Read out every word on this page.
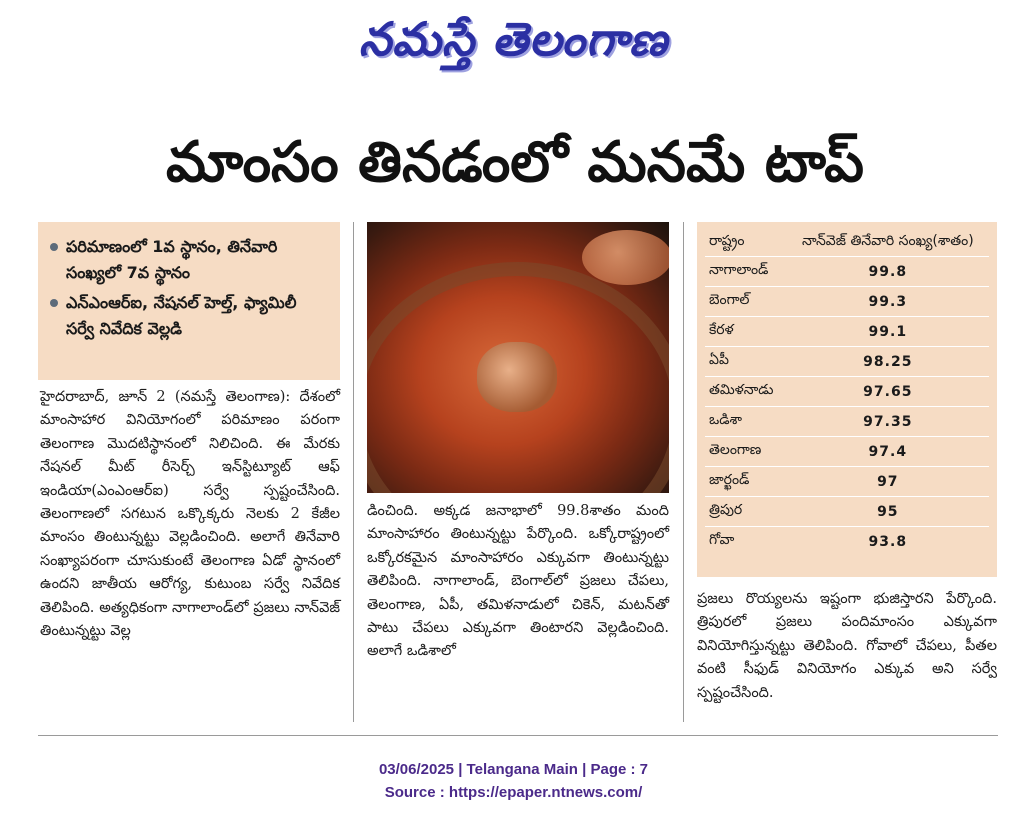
నమస్తే తెలంగాణ
మాంసం తినడంలో మనమే టాప్
పరిమాణంలో 1వ స్థానం, తినేవారి సంఖ్యలో 7వ స్థానం
ఎన్‌ఎంఆర్‌ఐ, నేషనల్ హెల్త్, ఫ్యామిలీ సర్వే నివేదిక వెల్లడి
రాష్ట్రం	నాన్‌వెజ్ తినేవారి సంఖ్య(శాతం)
నాగాలాండ్	99.8
బెంగాల్	99.3
కేరళ	99.1
ఏపీ	98.25
తమిళనాడు	97.65
ఒడిశా	97.35
తెలంగాణ	97.4
జార్ఖండ్	97
త్రిపుర	95
గోవా	93.8
హైదరాబాద్, జూన్ 2 (నమస్తే తెలంగాణ): దేశంలో మాంసాహార వినియోగంలో పరిమాణం పరంగా తెలంగాణ మొదటిస్థానంలో నిలిచింది. ఈ మేరకు నేషనల్ మీట్ రీసెర్చ్ ఇన్‌స్టిట్యూట్ ఆఫ్ ఇండియా(ఎంఎంఆర్‌ఐ) సర్వే స్పష్టంచేసింది. తెలంగాణలో సగటున ఒక్కొక్కరు నెలకు 2 కేజీల మాంసం తింటున్నట్టు వెల్లడించింది. అలాగే తినేవారి సంఖ్యాపరంగా చూసుకుంటే తెలంగాణ ఏడో స్థానంలో ఉందని జాతీయ ఆరోగ్య, కుటుంబ సర్వే నివేదిక తెలిపింది. అత్యధికంగా నాగాలాండ్‌లో ప్రజలు నాన్‌వెజ్ తింటున్నట్టు వెల్ల
డించింది. అక్కడ జనాభాలో 99.8శాతం మంది మాంసాహారం తింటున్నట్టు పేర్కొంది. ఒక్కోరాష్ట్రంలో ఒక్కోరకమైన మాంసాహారం ఎక్కువగా తింటున్నట్టు తెలిపింది. నాగాలాండ్, బెంగాల్‌లో ప్రజలు చేపలు, తెలంగాణ, ఏపీ, తమిళనాడులో చికెన్, మటన్‌తో పాటు చేపలు ఎక్కువగా తింటారని వెల్లడించింది. అలాగే ఒడిశాలో
ప్రజలు రొయ్యలను ఇష్టంగా భుజిస్తారని పేర్కొంది. త్రిపురలో ప్రజలు పందిమాంసం ఎక్కువగా వినియోగిస్తున్నట్టు తెలిపింది. గోవాలో చేపలు, పీతల వంటి సీఫుడ్ వినియోగం ఎక్కువ అని సర్వే స్పష్టంచేసింది.
03/06/2025 | Telangana Main | Page : 7
Source : https://epaper.ntnews.com/
